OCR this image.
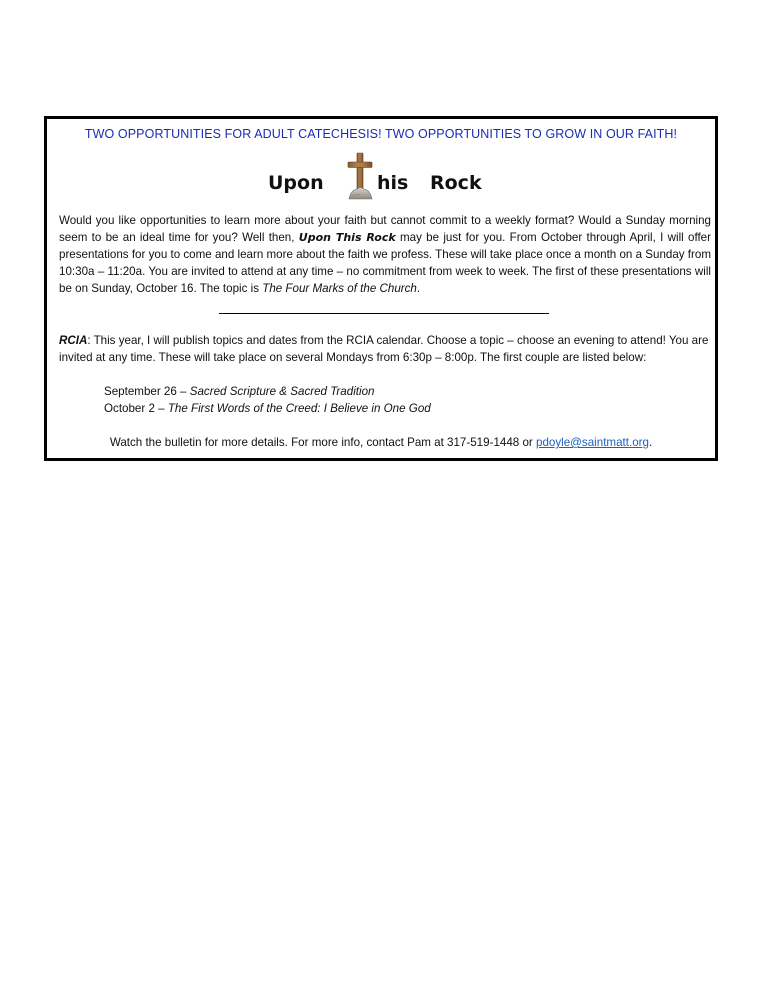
TWO OPPORTUNITIES FOR ADULT CATECHESIS! TWO OPPORTUNITIES TO GROW IN OUR FAITH!
Upon	his Rock
Would you like opportunities to learn more about your faith but cannot commit to a weekly format? Would a Sunday morning seem to be an ideal time for you? Well then, Upon This Rock may be just for you. From October through April, I will offer presentations for you to come and learn more about the faith we profess. These will take place once a month on a Sunday from 10:30a – 11:20a. You are invited to attend at any time – no commitment from week to week. The first of these presentations will be on Sunday, October 16. The topic is The Four Marks of the Church.
RCIA: This year, I will publish topics and dates from the RCIA calendar. Choose a topic – choose an evening to attend! You are invited at any time. These will take place on several Mondays from 6:30p – 8:00p. The first couple are listed below:
September 26 – Sacred Scripture & Sacred Tradition
October 2 – The First Words of the Creed: I Believe in One God
Watch the bulletin for more details. For more info, contact Pam at 317-519-1448 or pdoyle@saintmatt.org.
